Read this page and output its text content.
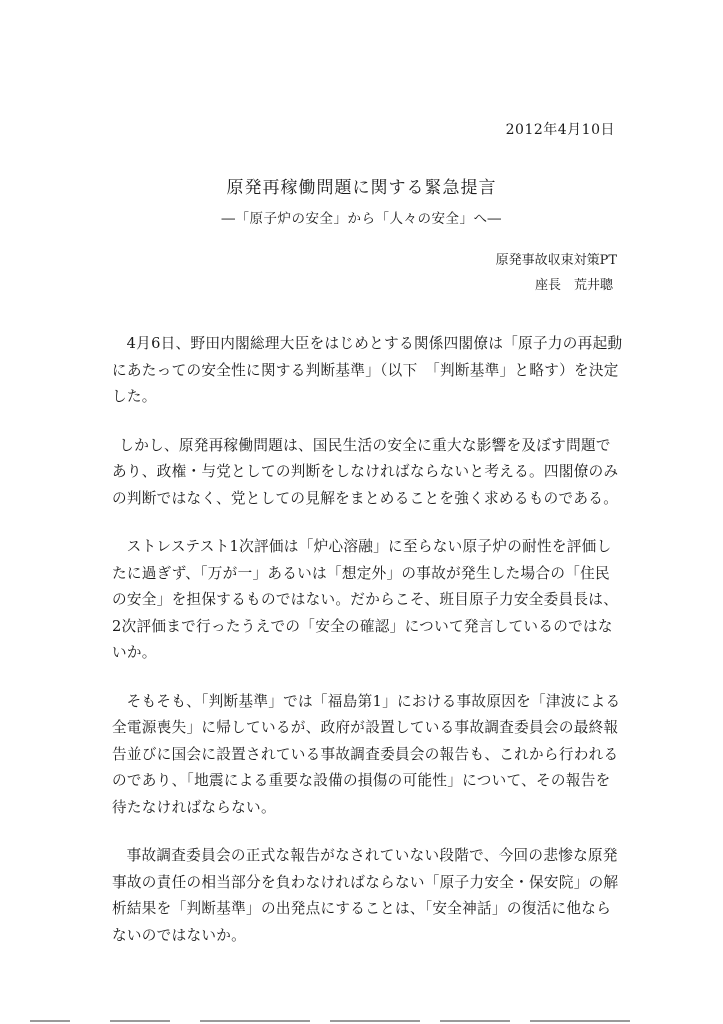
2012年4月10日
原発再稼働問題に関する緊急提言
―「原子炉の安全」から「人々の安全」へ―
原発事故収束対策PT
座長　荒井聰

4月6日、野田内閣総理大臣をはじめとする関係四閣僚は「原子力の再起動にあたっての安全性に関する判断基準」（以下　「判断基準」と略す）を決定した。

しかし、原発再稼働問題は、国民生活の安全に重大な影響を及ぼす問題であり、政権・与党としての判断をしなければならないと考える。四閣僚のみの判断ではなく、党としての見解をまとめることを強く求めるものである。

ストレステスト1次評価は「炉心溶融」に至らない原子炉の耐性を評価したに過ぎず、「万が一」あるいは「想定外」の事故が発生した場合の「住民の安全」を担保するものではない。だからこそ、班目原子力安全委員長は、2次評価まで行ったうえでの「安全の確認」について発言しているのではないか。

そもそも、「判断基準」では「福島第1」における事故原因を「津波による全電源喪失」に帰しているが、政府が設置している事故調査委員会の最終報告並びに国会に設置されている事故調査委員会の報告も、これから行われるのであり、「地震による重要な設備の損傷の可能性」について、その報告を待たなければならない。

事故調査委員会の正式な報告がなされていない段階で、今回の悲惨な原発事故の責任の相当部分を負わなければならない「原子力安全・保安院」の解析結果を「判断基準」の出発点にすることは、「安全神話」の復活に他ならないのではないか。
